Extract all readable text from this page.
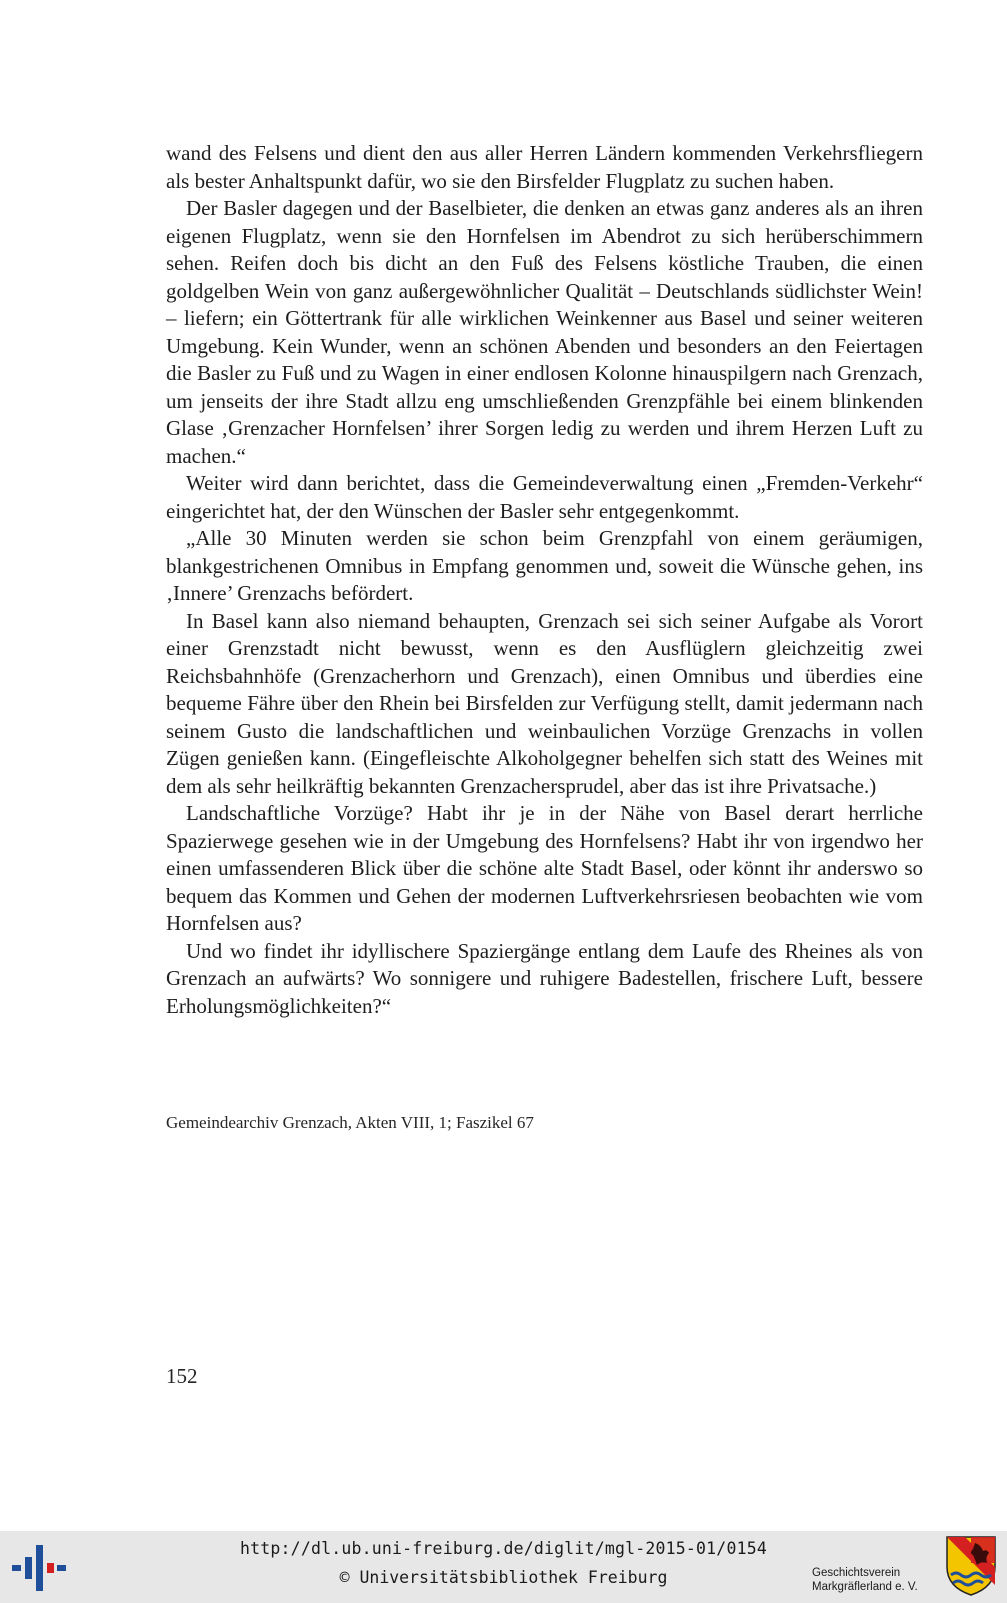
wand des Felsens und dient den aus aller Herren Ländern kommenden Verkehrsfliegern als bester Anhaltspunkt dafür, wo sie den Birsfelder Flugplatz zu suchen haben.

Der Basler dagegen und der Baselbieter, die denken an etwas ganz anderes als an ihren eigenen Flugplatz, wenn sie den Hornfelsen im Abendrot zu sich herüberschimmern sehen. Reifen doch bis dicht an den Fuß des Felsens köstliche Trauben, die einen goldgelben Wein von ganz außergewöhnlicher Qualität – Deutschlands südlichster Wein! – liefern; ein Göttertrank für alle wirklichen Weinkenner aus Basel und seiner weiteren Umgebung. Kein Wunder, wenn an schönen Abenden und besonders an den Feiertagen die Basler zu Fuß und zu Wagen in einer endlosen Kolonne hinauspilgern nach Grenzach, um jenseits der ihre Stadt allzu eng umschließenden Grenzpfähle bei einem blinkenden Glase ‚Grenzacher Hornfelsen’ ihrer Sorgen ledig zu werden und ihrem Herzen Luft zu machen.“

Weiter wird dann berichtet, dass die Gemeindeverwaltung einen „Fremden-Verkehr“ eingerichtet hat, der den Wünschen der Basler sehr entgegenkommt.

„Alle 30 Minuten werden sie schon beim Grenzpfahl von einem geräumigen, blankgestrichenen Omnibus in Empfang genommen und, soweit die Wünsche gehen, ins ‚Innere’ Grenzachs befördert.

In Basel kann also niemand behaupten, Grenzach sei sich seiner Aufgabe als Vorort einer Grenzstadt nicht bewusst, wenn es den Ausflüglern gleichzeitig zwei Reichsbahnhöfe (Grenzacherhorn und Grenzach), einen Omnibus und überdies eine bequeme Fähre über den Rhein bei Birsfelden zur Verfügung stellt, damit jedermann nach seinem Gusto die landschaftlichen und weinbaulichen Vorzüge Grenzachs in vollen Zügen genießen kann. (Eingefleischte Alkoholgegner behelfen sich statt des Weines mit dem als sehr heilkräftig bekannten Grenzachersprudel, aber das ist ihre Privatsache.)

Landschaftliche Vorzüge? Habt ihr je in der Nähe von Basel derart herrliche Spazierwege gesehen wie in der Umgebung des Hornfelsens? Habt ihr von irgendwo her einen umfassenderen Blick über die schöne alte Stadt Basel, oder könnt ihr anderswo so bequem das Kommen und Gehen der modernen Luftverkehrsriesen beobachten wie vom Hornfelsen aus?

Und wo findet ihr idyllischere Spaziergänge entlang dem Laufe des Rheines als von Grenzach an aufwärts? Wo sonnigere und ruhigere Badestellen, frischere Luft, bessere Erholungsmöglichkeiten?“

Gemeindearchiv Grenzach, Akten VIII, 1; Faszikel 67
152
http://dl.ub.uni-freiburg.de/diglit/mgl-2015-01/0154
© Universitätsbibliothek Freiburg	Geschichtsverein
Markgräflerland e. V.
